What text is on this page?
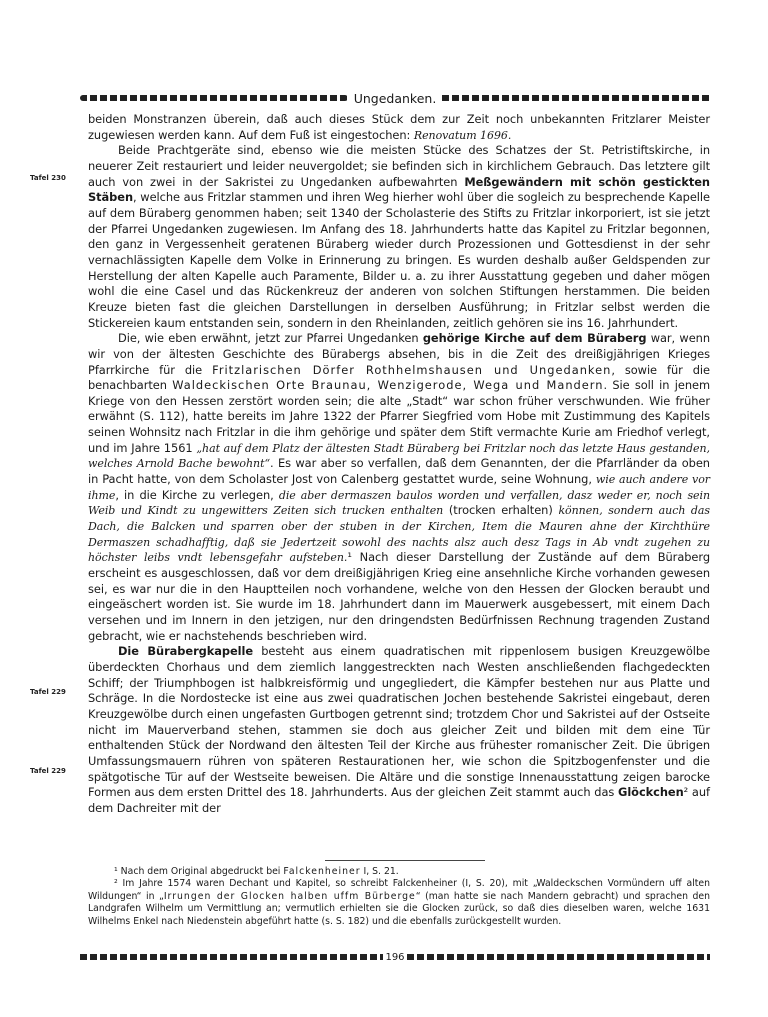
Ungedanken.
Tafel 230
Tafel 229
Tafel 229

beiden Monstranzen überein, daß auch dieses Stück dem zur Zeit noch unbekannten Fritzlarer Meister zugewiesen werden kann. Auf dem Fuß ist eingestochen: Renovatum 1696.

Beide Prachtgeräte sind, ebenso wie die meisten Stücke des Schatzes der St. Petristiftskirche, in neuerer Zeit restauriert und leider neuvergoldet; sie befinden sich in kirchlichem Gebrauch. Das letztere gilt auch von zwei in der Sakristei zu Ungedanken aufbewahrten Meßgewändern mit schön gestickten Stäben, welche aus Fritzlar stammen und ihren Weg hierher wohl über die sogleich zu besprechende Kapelle auf dem Büraberg genommen haben; seit 1340 der Scholasterie des Stifts zu Fritzlar inkorporiert, ist sie jetzt der Pfarrei Ungedanken zugewiesen. Im Anfang des 18. Jahrhunderts hatte das Kapitel zu Fritzlar begonnen, den ganz in Vergessenheit geratenen Büraberg wieder durch Prozessionen und Gottesdienst in der sehr vernachlässigten Kapelle dem Volke in Erinnerung zu bringen. Es wurden deshalb außer Geldspenden zur Herstellung der alten Kapelle auch Paramente, Bilder u. a. zu ihrer Ausstattung gegeben und daher mögen wohl die eine Casel und das Rückenkreuz der anderen von solchen Stiftungen herstammen. Die beiden Kreuze bieten fast die gleichen Darstellungen in derselben Ausführung; in Fritzlar selbst werden die Stickereien kaum entstanden sein, sondern in den Rheinlanden, zeitlich gehören sie ins 16. Jahrhundert.

Die, wie eben erwähnt, jetzt zur Pfarrei Ungedanken gehörige Kirche auf dem Büraberg war, wenn wir von der ältesten Geschichte des Bürabergs absehen, bis in die Zeit des dreißigjährigen Krieges Pfarrkirche für die Fritzlarischen Dörfer Rothhelmshausen und Ungedanken, sowie für die benachbarten Waldeckischen Orte Braunau, Wenzigerode, Wega und Mandern. Sie soll in jenem Kriege von den Hessen zerstört worden sein; die alte „Stadt“ war schon früher verschwunden. Wie früher erwähnt (S. 112), hatte bereits im Jahre 1322 der Pfarrer Siegfried vom Hobe mit Zustimmung des Kapitels seinen Wohnsitz nach Fritzlar in die ihm gehörige und später dem Stift vermachte Kurie am Friedhof verlegt, und im Jahre 1561 „hat auf dem Platz der ältesten Stadt Büraberg bei Fritzlar noch das letzte Haus gestanden, welches Arnold Bache bewohnt“. Es war aber so verfallen, daß dem Genannten, der die Pfarrländer da oben in Pacht hatte, von dem Scholaster Jost von Calenberg gestattet wurde, seine Wohnung, wie auch andere vor ihme, in die Kirche zu verlegen, die aber dermaszen baulos worden und verfallen, dasz weder er, noch sein Weib und Kindt zu ungewitters Zeiten sich trucken enthalten (trocken erhalten) können, sondern auch das Dach, die Balcken und sparren ober der stuben in der Kirchen, Item die Mauren ahne der Kirchthüre Dermaszen schadhafftig, daß sie Jedertzeit sowohl des nachts alsz auch desz Tags in Ab vndt zugehen zu höchster leibs vndt lebensgefahr aufsteben.¹ Nach dieser Darstellung der Zustände auf dem Büraberg erscheint es ausgeschlossen, daß vor dem dreißigjährigen Krieg eine ansehnliche Kirche vorhanden gewesen sei, es war nur die in den Hauptteilen noch vorhandene, welche von den Hessen der Glocken beraubt und eingeäschert worden ist. Sie wurde im 18. Jahrhundert dann im Mauerwerk ausgebessert, mit einem Dach versehen und im Innern in den jetzigen, nur den dringendsten Bedürfnissen Rechnung tragenden Zustand gebracht, wie er nachstehends beschrieben wird.

Die Bürabergkapelle besteht aus einem quadratischen mit rippenlosem busigen Kreuzgewölbe überdeckten Chorhaus und dem ziemlich langgestreckten nach Westen anschließenden flachgedeckten Schiff; der Triumphbogen ist halbkreisförmig und ungegliedert, die Kämpfer bestehen nur aus Platte und Schräge. In die Nordostecke ist eine aus zwei quadratischen Jochen bestehende Sakristei eingebaut, deren Kreuzgewölbe durch einen ungefasten Gurtbogen getrennt sind; trotzdem Chor und Sakristei auf der Ostseite nicht im Mauerverband stehen, stammen sie doch aus gleicher Zeit und bilden mit dem eine Tür enthaltenden Stück der Nordwand den ältesten Teil der Kirche aus frühester romanischer Zeit. Die übrigen Umfassungsmauern rühren von späteren Restaurationen her, wie schon die Spitzbogenfenster und die spätgotische Tür auf der Westseite beweisen. Die Altäre und die sonstige Innenausstattung zeigen barocke Formen aus dem ersten Drittel des 18. Jahrhunderts. Aus der gleichen Zeit stammt auch das Glöckchen² auf dem Dachreiter mit der

¹ Nach dem Original abgedruckt bei Falckenheiner I, S. 21.

² Im Jahre 1574 waren Dechant und Kapitel, so schreibt Falckenheiner (I, S. 20), mit „Waldeckschen Vormündern uff alten Wildungen“ in „Irrungen der Glocken halben uffm Bürberge“ (man hatte sie nach Mandern gebracht) und sprachen den Landgrafen Wilhelm um Vermittlung an; vermutlich erhielten sie die Glocken zurück, so daß dies dieselben waren, welche 1631 Wilhelms Enkel nach Niedenstein abgeführt hatte (s. S. 182) und die ebenfalls zurückgestellt wurden.

196
